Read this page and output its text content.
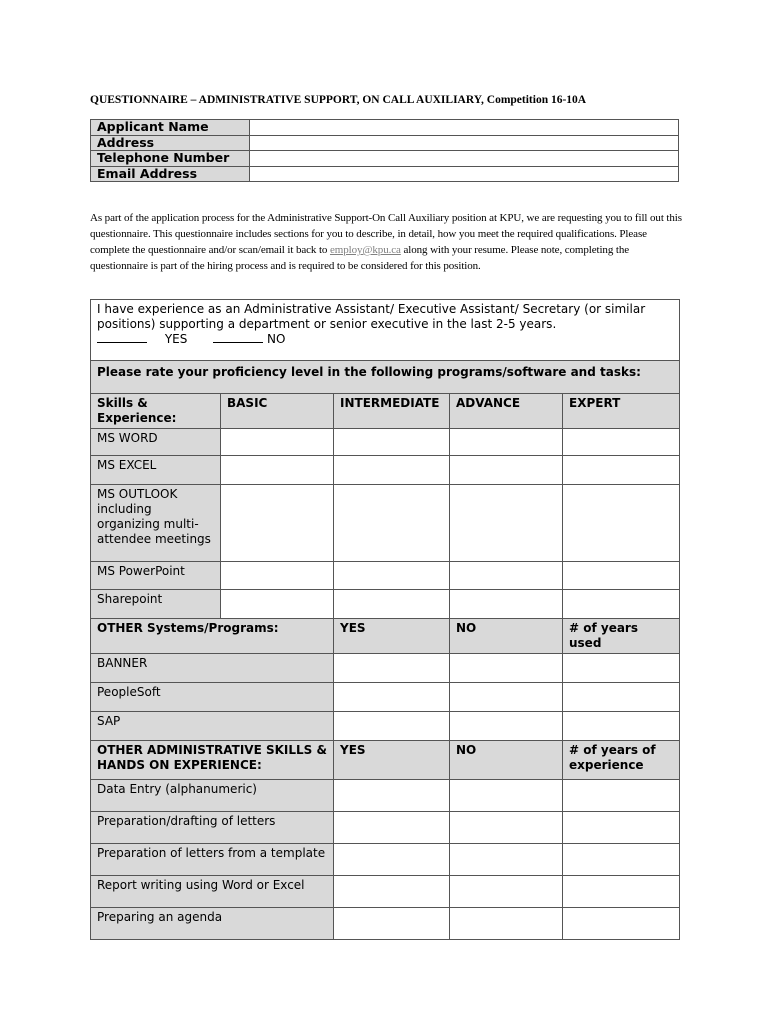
QUESTIONNAIRE – ADMINISTRATIVE SUPPORT, ON CALL AUXILIARY, Competition 16-10A
Applicant Name	
Address	
Telephone Number	
Email Address	
As part of the application process for the Administrative Support-On Call Auxiliary position at KPU, we are requesting you to fill out this questionnaire. This questionnaire includes sections for you to describe, in detail, how you meet the required qualifications. Please complete the questionnaire and/or scan/email it back to employ@kpu.ca along with your resume. Please note, completing the questionnaire is part of the hiring process and is required to be considered for this position.
I have experience as an Administrative Assistant/ Executive Assistant/ Secretary (or similar positions) supporting a department or senior executive in the last 2-5 years.
YES NO				

Please rate your proficiency level in the following programs/software and tasks:				
Skills & Experience:	BASIC	INTERMEDIATE	ADVANCE	EXPERT
MS WORD				
MS EXCEL				
MS OUTLOOK including organizing multi-attendee meetings				
MS PowerPoint				
Sharepoint				
OTHER Systems/Programs:		YES	NO	# of years used
BANNER				
PeopleSoft				
SAP				
OTHER ADMINISTRATIVE SKILLS & HANDS ON EXPERIENCE:		YES	NO	# of years of experience
Data Entry (alphanumeric)				
Preparation/drafting of letters				
Preparation of letters from a template				
Report writing using Word or Excel				
Preparing an agenda				
